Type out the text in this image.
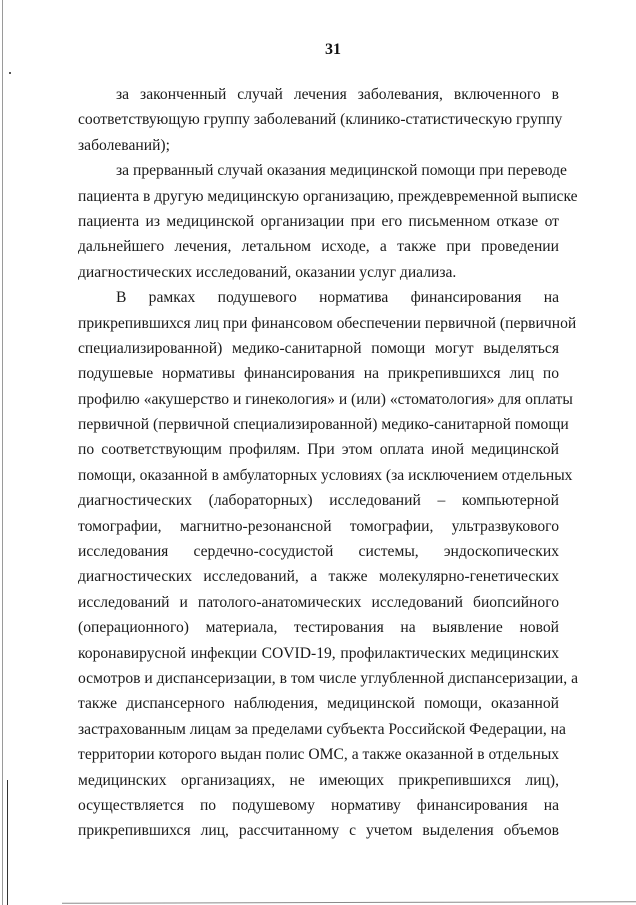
31
за законченный случай лечения заболевания, включенного в
соответствующую группу заболеваний (клинико-статистическую группу
заболеваний);
за прерванный случай оказания медицинской помощи при переводе
пациента в другую медицинскую организацию, преждевременной выписке
пациента из медицинской организации при его письменном отказе от
дальнейшего лечения, летальном исходе, а также при проведении
диагностических исследований, оказании услуг диализа.
В рамках подушевого норматива финансирования на
прикрепившихся лиц при финансовом обеспечении первичной (первичной
специализированной) медико-санитарной помощи могут выделяться
подушевые нормативы финансирования на прикрепившихся лиц по
профилю «акушерство и гинекология» и (или) «стоматология» для оплаты
первичной (первичной специализированной) медико-санитарной помощи
по соответствующим профилям. При этом оплата иной медицинской
помощи, оказанной в амбулаторных условиях (за исключением отдельных
диагностических (лабораторных) исследований – компьютерной
томографии, магнитно-резонансной томографии, ультразвукового
исследования сердечно-сосудистой системы, эндоскопических
диагностических исследований, а также молекулярно-генетических
исследований и патолого-анатомических исследований биопсийного
(операционного) материала, тестирования на выявление новой
коронавирусной инфекции COVID-19, профилактических медицинских
осмотров и диспансеризации, в том числе углубленной диспансеризации, а
также диспансерного наблюдения, медицинской помощи, оказанной
застрахованным лицам за пределами субъекта Российской Федерации, на
территории которого выдан полис ОМС, а также оказанной в отдельных
медицинских организациях, не имеющих прикрепившихся лиц),
осуществляется по подушевому нормативу финансирования на
прикрепившихся лиц, рассчитанному с учетом выделения объемов
